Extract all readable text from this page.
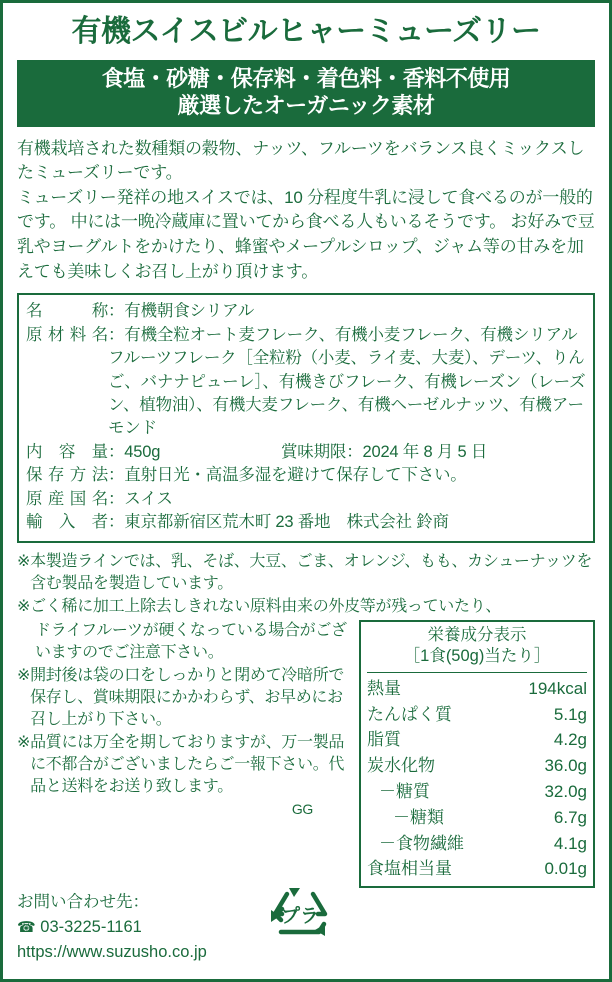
有機スイスビルヒャーミューズリー
食塩・砂糖・保存料・着色料・香料不使用
厳選したオーガニック素材

有機栽培された数種類の穀物、ナッツ、フルーツをバランス良くミックスしたミューズリーです。

ミューズリー発祥の地スイスでは、10 分程度牛乳に浸して食べるのが一般的です。 中には一晩冷蔵庫に置いてから食べる人もいるそうです。 お好みで豆乳やヨーグルトをかけたり、蜂蜜やメープルシロップ、ジャム等の甘みを加えても美味しくお召し上がり頂けます。

名　　称 ：有機朝食シリアル
原材料名 ：有機全粒オート麦フレーク、有機小麦フレーク、有機シリアルフルーツフレーク［全粒粉（小麦、ライ麦、大麦）、デーツ、りんご、バナナピューレ］、有機きびフレーク、有機レーズン（レーズン、植物油）、有機大麦フレーク、有機ヘーゼルナッツ、有機アーモンド
内　容　量 ：450g	賞味期限 ：2024 年 8 月 5 日
保存方法 ：直射日光・高温多湿を避けて保存して下さい。
原産国名 ：スイス
輸　入　者 ：東京都新宿区荒木町 23 番地　株式会社 鈴商
※ 本製造ラインでは、乳、そば、大豆、ごま、オレンジ、もも、カシューナッツを含む製品を製造しています。
※ ごく稀に加工上除去しきれない原料由来の外皮等が残っていたり、
ドライフルーツが硬くなっている場合がございますのでご注意下さい。
※ 開封後は袋の口をしっかりと閉めて冷暗所で保存し、賞味期限にかかわらず、お早めにお召し上がり下さい。
※ 品質には万全を期しておりますが、万一製品に不都合がございましたらご一報下さい。代品と送料をお送り致します。
GG
栄養成分表示
［1食(50g)当たり］
熱量	194kcal
たんぱく質	5.1g
脂質	4.2g
炭水化物	36.0g
－糖質	32.0g
－糖類	6.7g
－食物繊維	4.1g
食塩相当量	0.01g
お問い合わせ先：
☎ 03-3225-1161
https://www.suzusho.co.jp
プラ
